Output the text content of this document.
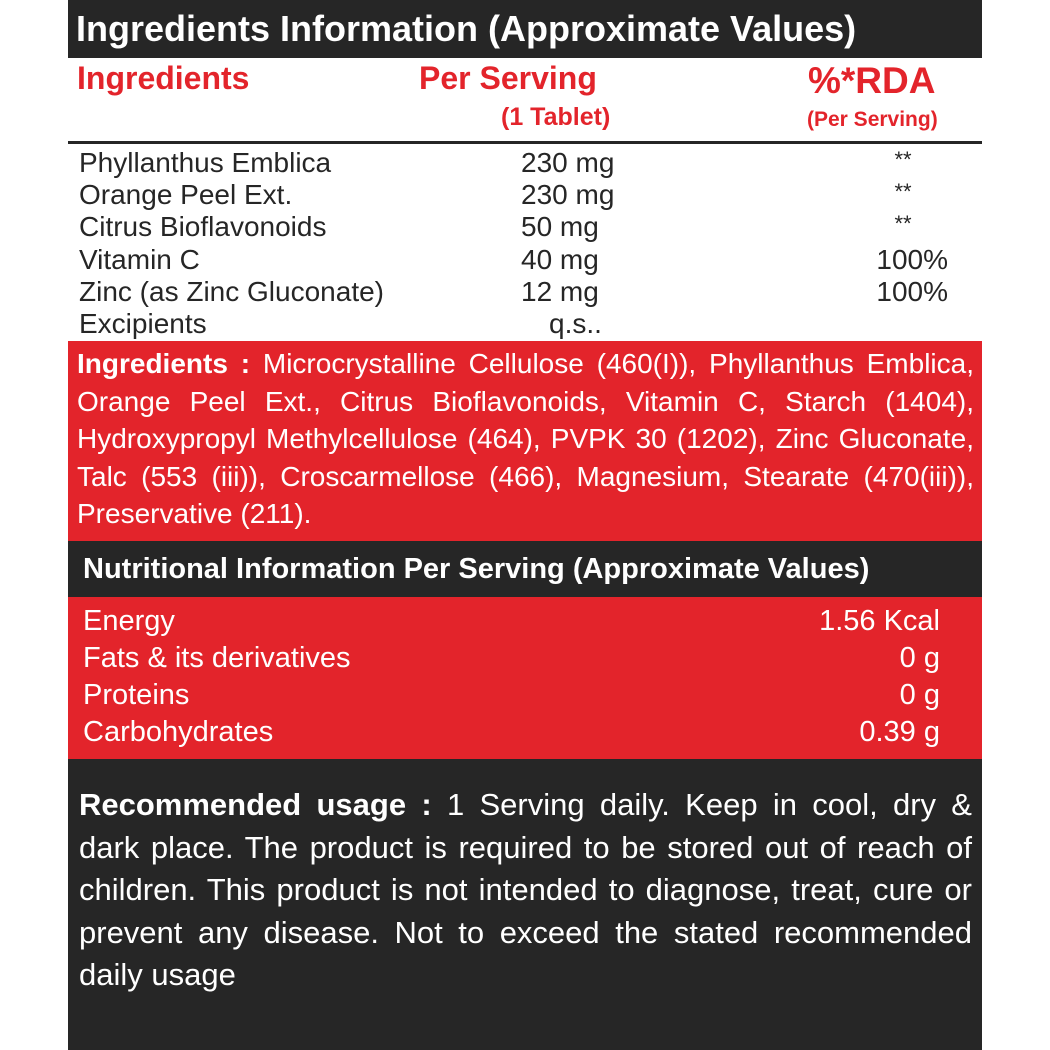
Ingredients Information (Approximate Values)
Ingredients	Per Serving
(1 Tablet)
%*RDA
(Per Serving)
Phyllanthus Emblica	230 mg	**
Orange Peel Ext.	230 mg	**
Citrus Bioflavonoids	50 mg	**
Vitamin C	40 mg	100%
Zinc (as Zinc Gluconate)	12 mg	100%
Excipients	q.s..
Ingredients : Microcrystalline Cellulose (460(I)), Phyllanthus Emblica, Orange Peel Ext., Citrus Bioflavonoids, Vitamin C, Starch (1404), Hydroxypropyl Methylcellulose (464), PVPK 30 (1202), Zinc Gluconate, Talc (553 (iii)), Croscarmellose (466), Magnesium, Stearate (470(iii)), Preservative (211).
Nutritional Information Per Serving (Approximate Values)
Energy	1.56 Kcal
Fats & its derivatives	0 g
Proteins	0 g
Carbohydrates	0.39 g
Recommended usage : 1 Serving daily. Keep in cool, dry & dark place. The product is required to be stored out of reach of children. This product is not intended to diagnose, treat, cure or prevent any disease. Not to exceed the stated recommended daily usage
